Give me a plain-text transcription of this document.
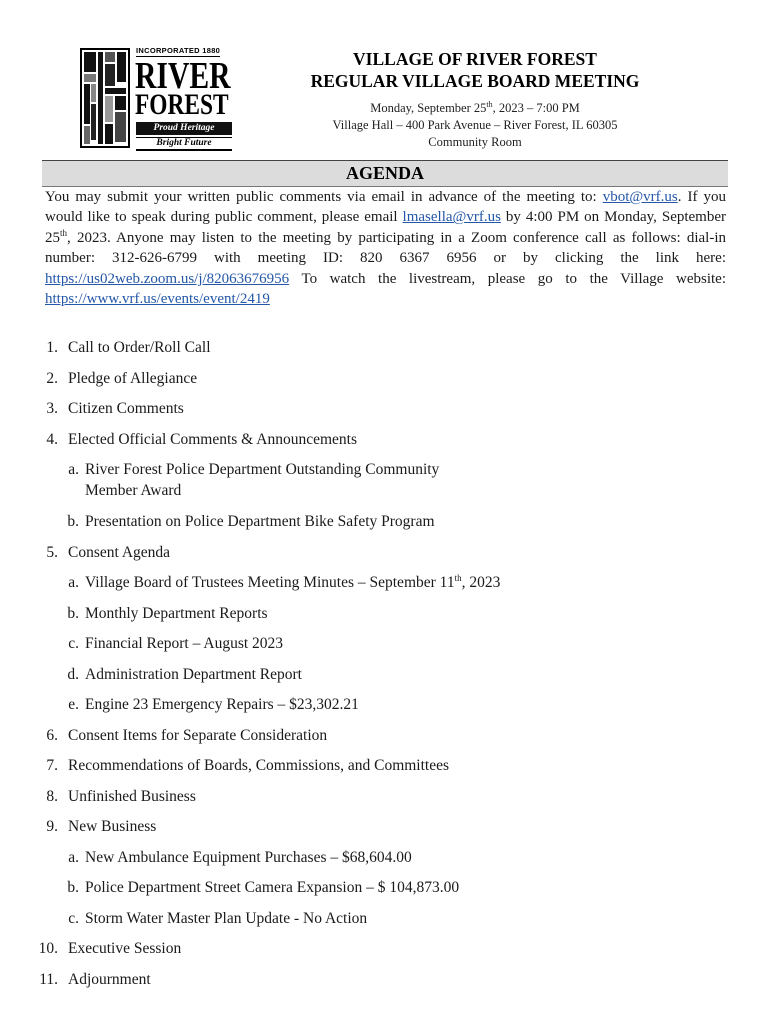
INCORPORATED 1880
RIVER
FOREST
Proud Heritage
Bright Future
VILLAGE OF RIVER FOREST
REGULAR VILLAGE BOARD MEETING
Monday, September 25th, 2023 – 7:00 PM
Village Hall – 400 Park Avenue – River Forest, IL 60305
Community Room
AGENDA
You may submit your written public comments via email in advance of the meeting to: vbot@vrf.us. If you would like to speak during public comment, please email lmasella@vrf.us by 4:00 PM on Monday, September 25th, 2023. Anyone may listen to the meeting by participating in a Zoom conference call as follows: dial-in number: 312-626-6799 with meeting ID: 820 6367 6956 or by clicking the link here: https://us02web.zoom.us/j/82063676956 To watch the livestream, please go to the Village website: https://www.vrf.us/events/event/2419
1. Call to Order/Roll Call
2. Pledge of Allegiance
3. Citizen Comments
4. Elected Official Comments & Announcements
a. River Forest Police Department Outstanding Community
Member Award
b. Presentation on Police Department Bike Safety Program
5. Consent Agenda
a. Village Board of Trustees Meeting Minutes – September 11th, 2023
b. Monthly Department Reports
c. Financial Report – August 2023
d. Administration Department Report
e. Engine 23 Emergency Repairs – $23,302.21
6. Consent Items for Separate Consideration
7. Recommendations of Boards, Commissions, and Committees
8. Unfinished Business
9. New Business
a. New Ambulance Equipment Purchases – $68,604.00
b. Police Department Street Camera Expansion – $ 104,873.00
c. Storm Water Master Plan Update - No Action
10. Executive Session
11. Adjournment
